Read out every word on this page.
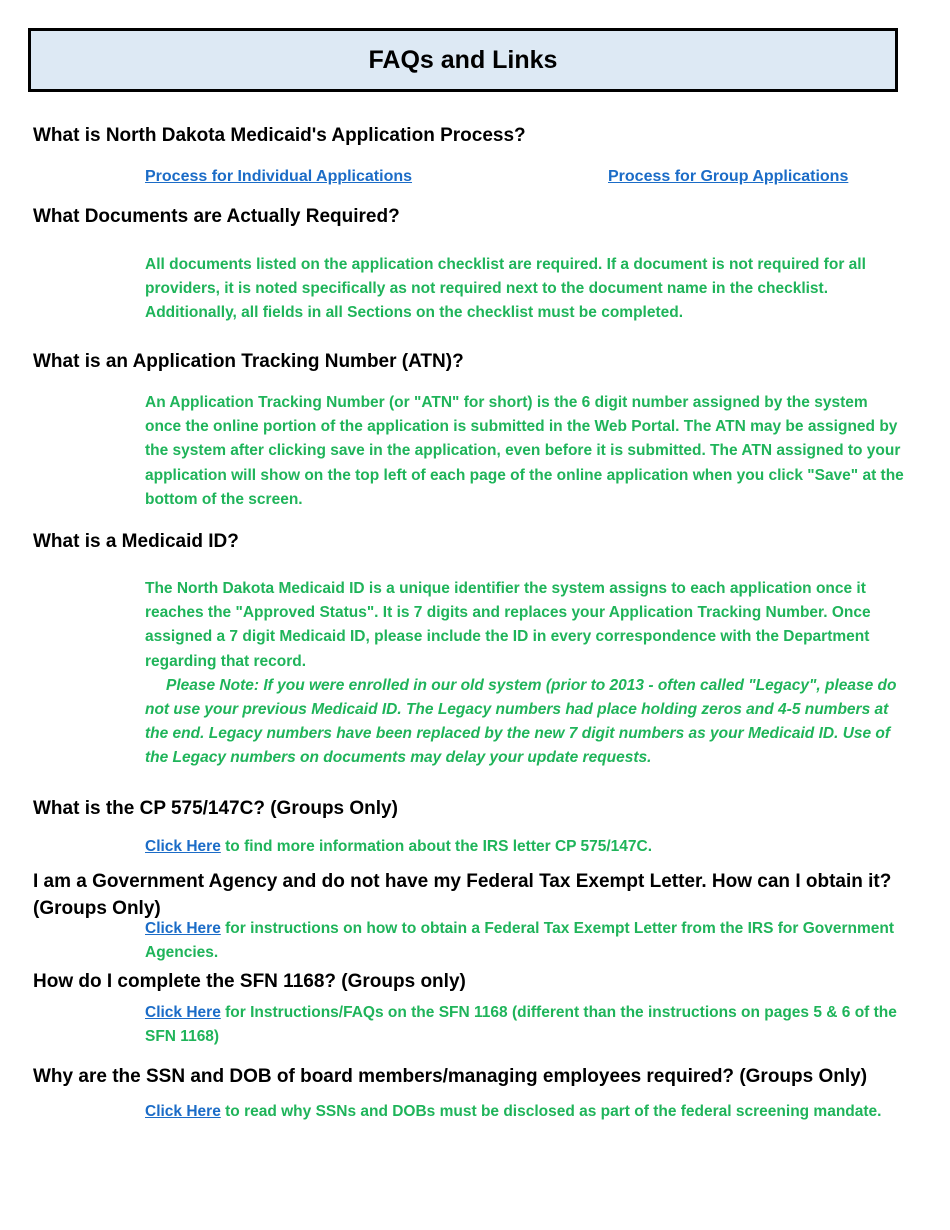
FAQs and Links
What is North Dakota Medicaid's Application Process?
Process for Individual Applications	Process for Group Applications
What Documents are Actually Required?

All documents listed on the application checklist are required. If a document is not required for all providers, it is noted specifically as not required next to the document name in the checklist. Additionally, all fields in all Sections on the checklist must be completed.

What is an Application Tracking Number (ATN)?

An Application Tracking Number (or "ATN" for short) is the 6 digit number assigned by the system once the online portion of the application is submitted in the Web Portal. The ATN may be assigned by the system after clicking save in the application, even before it is submitted. The ATN assigned to your application will show on the top left of each page of the online application when you click "Save" at the bottom of the screen.

What is a Medicaid ID?

The North Dakota Medicaid ID is a unique identifier the system assigns to each application once it reaches the "Approved Status". It is 7 digits and replaces your Application Tracking Number. Once assigned a 7 digit Medicaid ID, please include the ID in every correspondence with the Department regarding that record.

Please Note: If you were enrolled in our old system (prior to 2013 - often called "Legacy", please do not use your previous Medicaid ID. The Legacy numbers had place holding zeros and 4-5 numbers at the end. Legacy numbers have been replaced by the new 7 digit numbers as your Medicaid ID. Use of the Legacy numbers on documents may delay your update requests.

What is the CP 575/147C? (Groups Only)
Click Here to find more information about the IRS letter CP 575/147C.
I am a Government Agency and do not have my Federal Tax Exempt Letter. How can I obtain it? (Groups Only)
Click Here for instructions on how to obtain a Federal Tax Exempt Letter from the IRS for Government Agencies.
How do I complete the SFN 1168? (Groups only)
Click Here for Instructions/FAQs on the SFN 1168 (different than the instructions on pages 5 & 6 of the SFN 1168)
Why are the SSN and DOB of board members/managing employees required? (Groups Only)
Click Here to read why SSNs and DOBs must be disclosed as part of the federal screening mandate.
